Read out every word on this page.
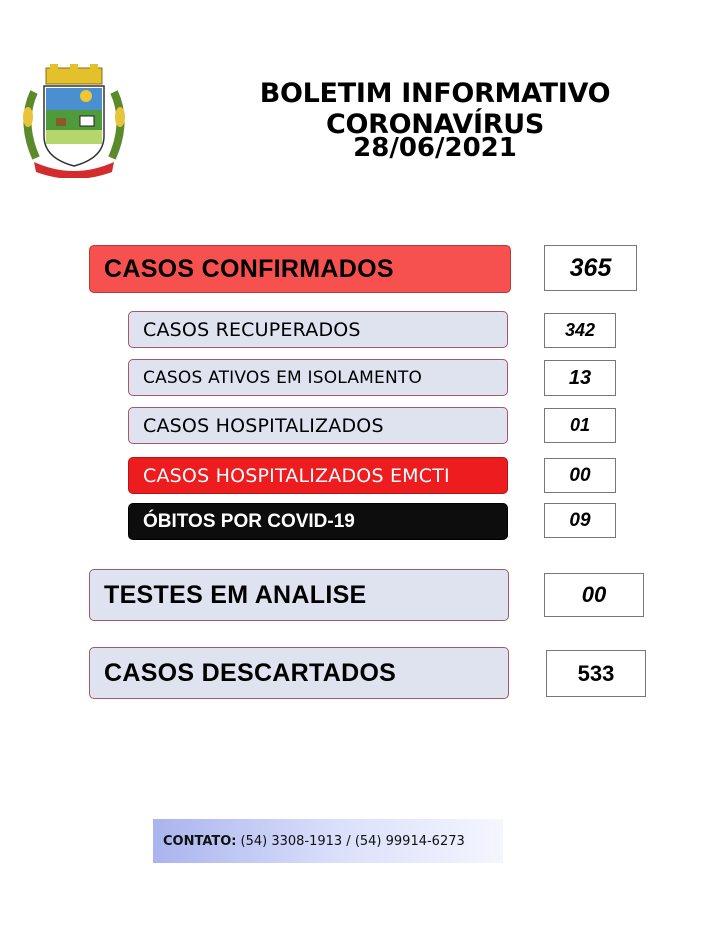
BOLETIM INFORMATIVO CORONAVÍRUS
28/06/2021
CASOS CONFIRMADOS	365
CASOS RECUPERADOS	342
CASOS ATIVOS EM ISOLAMENTO	13
CASOS HOSPITALIZADOS	01
CASOS HOSPITALIZADOS EMCTI	00
ÓBITOS POR COVID-19	09
TESTES EM ANALISE	00
CASOS DESCARTADOS	533
CONTATO: (54) 3308-1913 / (54) 99914-6273
